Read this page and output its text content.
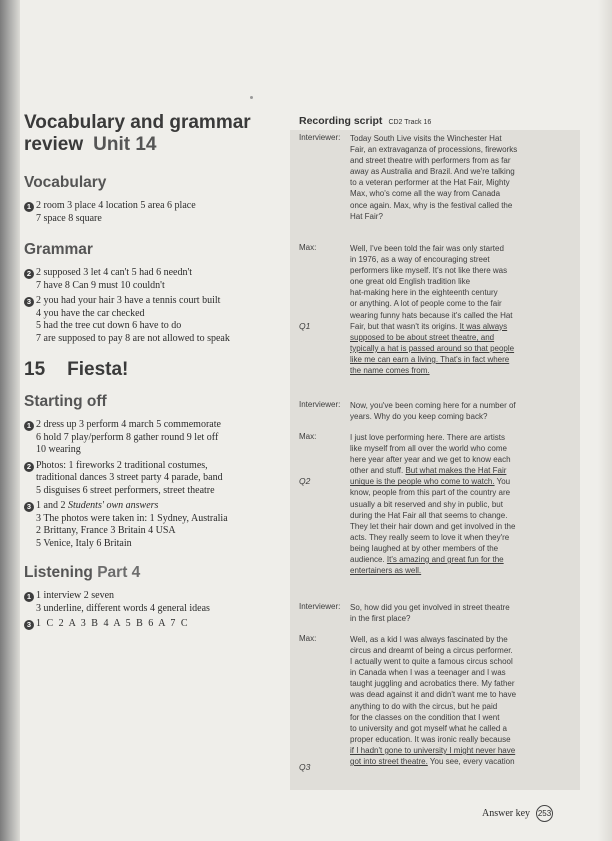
Vocabulary and grammar
review Unit 14
Vocabulary
1 2 room 3 place 4 location 5 area 6 place
7 space 8 square
Grammar
2 2 supposed 3 let 4 can't 5 had 6 needn't
7 have 8 Can 9 must 10 couldn't
3 2 you had your hair 3 have a tennis court built
4 you have the car checked
5 had the tree cut down 6 have to do
7 are supposed to pay 8 are not allowed to speak
15 Fiesta!
Starting off
1 2 dress up 3 perform 4 march 5 commemorate
6 hold 7 play/perform 8 gather round 9 let off
10 wearing
2 Photos: 1 fireworks 2 traditional costumes,
traditional dances 3 street party 4 parade, band
5 disguises 6 street performers, street theatre
3 1 and 2 Students' own answers
3 The photos were taken in: 1 Sydney, Australia
2 Brittany, France 3 Britain 4 USA
5 Venice, Italy 6 Britain
Listening Part 4
1 1 interview 2 seven
3 underline, different words 4 general ideas
3 1 C 2 A 3 B 4 A 5 B 6 A 7 C
Recording script CD2 Track 16
Interviewer: Today South Live visits the Winchester Hat
Fair, an extravaganza of processions, fireworks
and street theatre with performers from as far
away as Australia and Brazil. And we're talking
to a veteran performer at the Hat Fair, Mighty
Max, who's come all the way from Canada
once again. Max, why is the festival called the
Hat Fair?
Max:	Well, I've been told the fair was only started
in 1976, as a way of encouraging street
performers like myself. It's not like there was
one great old English tradition like
hat-making here in the eighteenth century
or anything. A lot of people come to the fair
wearing funny hats because it's called the Hat
Fair, but that wasn't its origins. It was always
supposed to be about street theatre, and
typically a hat is passed around so that people
like me can earn a living. That's in fact where
the name comes from.
Q1
Interviewer: Now, you've been coming here for a number of
years. Why do you keep coming back?
Max:	I just love performing here. There are artists
like myself from all over the world who come
here year after year and we get to know each
other and stuff. But what makes the Hat Fair
unique is the people who come to watch. You
know, people from this part of the country are
usually a bit reserved and shy in public, but
during the Hat Fair all that seems to change.
They let their hair down and get involved in the
acts. They really seem to love it when they're
being laughed at by other members of the
audience. It's amazing and great fun for the
entertainers as well.
Q2
Interviewer: So, how did you get involved in street theatre
in the first place?
Max:	Well, as a kid I was always fascinated by the
circus and dreamt of being a circus performer.
I actually went to quite a famous circus school
in Canada when I was a teenager and I was
taught juggling and acrobatics there. My father
was dead against it and didn't want me to have
anything to do with the circus, but he paid
for the classes on the condition that I went
to university and got myself what he called a
proper education. It was ironic really because
if I hadn't gone to university I might never have
got into street theatre. You see, every vacation
Q3
Answer key 253
